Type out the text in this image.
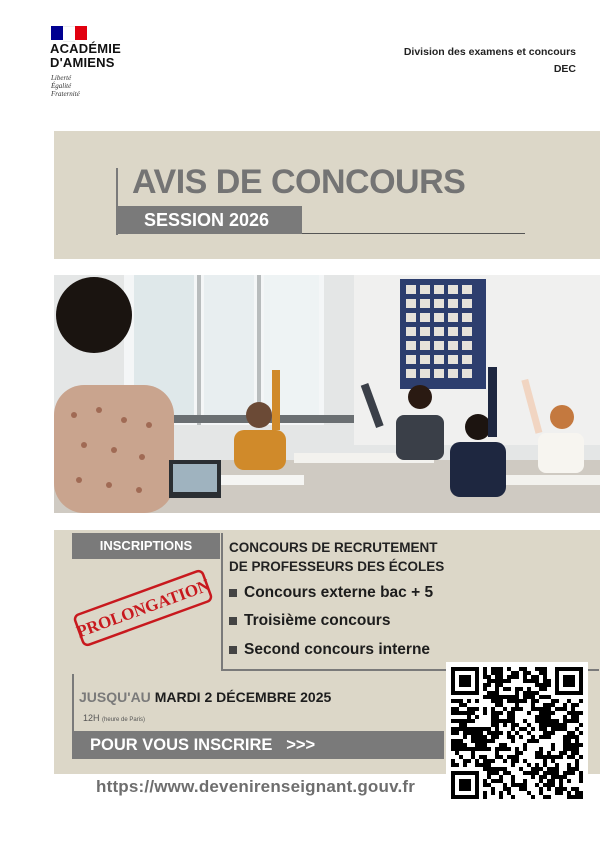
ACADÉMIE
D'AMIENS
Liberté
Égalité
Fraternité
Division des examens et concours
DEC
AVIS DE CONCOURS
SESSION 2026
INSCRIPTIONS	CONCOURS DE RECRUTEMENT
DE PROFESSEURS DES ÉCOLES
Concours externe bac + 5
Troisième concours
Second concours interne
PROLONGATION
JUSQU'AU MARDI 2 DÉCEMBRE 2025
12H (heure de Paris)
POUR VOUS INSCRIRE >>>
https://www.devenirenseignant.gouv.fr
